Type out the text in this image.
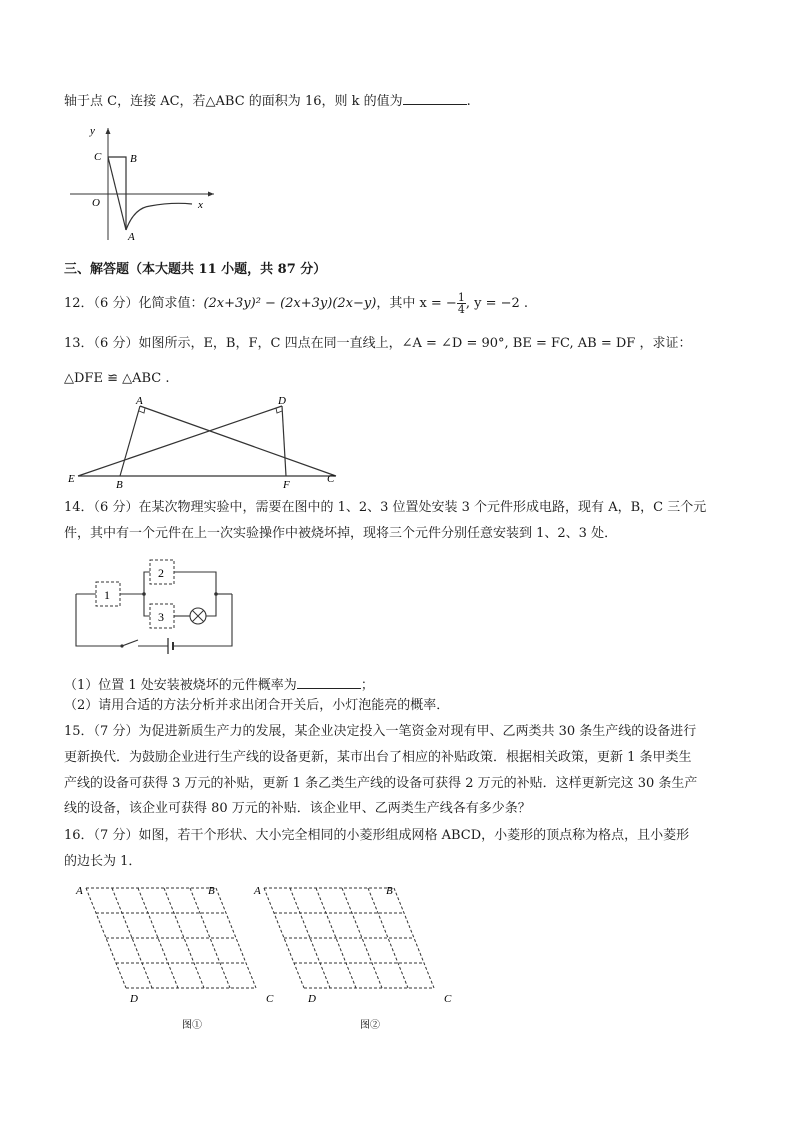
轴于点 C，连接 AC，若△ABC 的面积为 16，则 k 的值为	.
y
x
O
C	B
A
三、解答题（本大题共 11 小题，共 87 分）
12．（6 分）化简求值：(2x+3y)² − (2x+3y)(2x−y)，其中 x = − $\frac{1}{4}$ , y = −2 .
13．（6 分）如图所示，E，B，F，C 四点在同一直线上，∠A = ∠D = 90°, BE = FC, AB = DF ，求证：
△DFE ≌ △ABC .
A	D
E	B	F	C
14．（6 分）在某次物理实验中，需要在图中的 1、2、3 位置处安装 3 个元件形成电路，现有 A，B，C 三个元
件，其中有一个元件在上一次实验操作中被烧坏掉，现将三个元件分别任意安装到 1、2、3 处．
1
2
3
（1）位置 1 处安装被烧坏的元件概率为	；
（2）请用合适的方法分析并求出闭合开关后，小灯泡能亮的概率．
15．（7 分）为促进新质生产力的发展，某企业决定投入一笔资金对现有甲、乙两类共 30 条生产线的设备进行
更新换代．为鼓励企业进行生产线的设备更新，某市出台了相应的补贴政策．根据相关政策，更新 1 条甲类生
产线的设备可获得 3 万元的补贴，更新 1 条乙类生产线的设备可获得 2 万元的补贴．这样更新完这 30 条生产
线的设备，该企业可获得 80 万元的补贴．该企业甲、乙两类生产线各有多少条？
16．（7 分）如图，若干个形状、大小完全相同的小菱形组成网格 ABCD，小菱形的顶点称为格点，且小菱形
的边长为 1．
A	B
D	C
图①
A	B
D	C
图②
